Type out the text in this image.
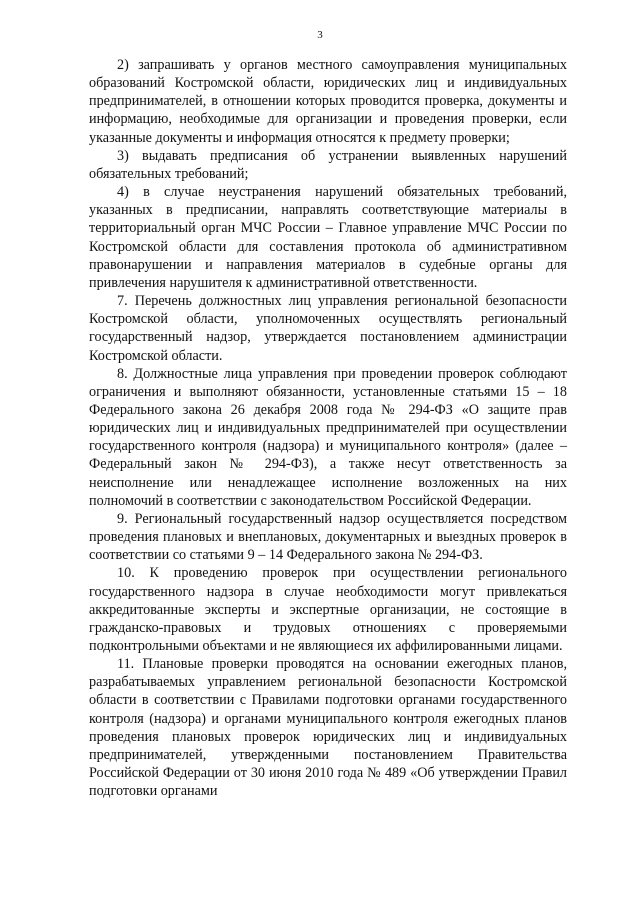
3

2) запрашивать у органов местного самоуправления муниципальных образований Костромской области, юридических лиц и индивидуальных предпринимателей, в отношении которых проводится проверка, документы и информацию, необходимые для организации и проведения проверки, если указанные документы и информация относятся к предмету проверки;

3) выдавать предписания об устранении выявленных нарушений обязательных требований;

4) в случае неустранения нарушений обязательных требований, указанных в предписании, направлять соответствующие материалы в территориальный орган МЧС России – Главное управление МЧС России по Костромской области для составления протокола об административном правонарушении и направления материалов в судебные органы для привлечения нарушителя к административной ответственности.

7. Перечень должностных лиц управления региональной безопасности Костромской области, уполномоченных осуществлять региональный государственный надзор, утверждается постановлением администрации Костромской области.

8. Должностные лица управления при проведении проверок соблюдают ограничения и выполняют обязанности, установленные статьями 15 – 18 Федерального закона 26 декабря 2008 года № 294-ФЗ «О защите прав юридических лиц и индивидуальных предпринимателей при осуществлении государственного контроля (надзора) и муниципального контроля» (далее – Федеральный закон № 294-ФЗ), а также несут ответственность за неисполнение или ненадлежащее исполнение возложенных на них полномочий в соответствии с законодательством Российской Федерации.

9. Региональный государственный надзор осуществляется посредством проведения плановых и внеплановых, документарных и выездных проверок в соответствии со статьями 9 – 14 Федерального закона № 294-ФЗ.

10. К проведению проверок при осуществлении регионального государственного надзора в случае необходимости могут привлекаться аккредитованные эксперты и экспертные организации, не состоящие в гражданско-правовых и трудовых отношениях с проверяемыми подконтрольными объектами и не являющиеся их аффилированными лицами.

11. Плановые проверки проводятся на основании ежегодных планов, разрабатываемых управлением региональной безопасности Костромской области в соответствии с Правилами подготовки органами государственного контроля (надзора) и органами муниципального контроля ежегодных планов проведения плановых проверок юридических лиц и индивидуальных предпринимателей, утвержденными постановлением Правительства Российской Федерации от 30 июня 2010 года № 489 «Об утверждении Правил подготовки органами
